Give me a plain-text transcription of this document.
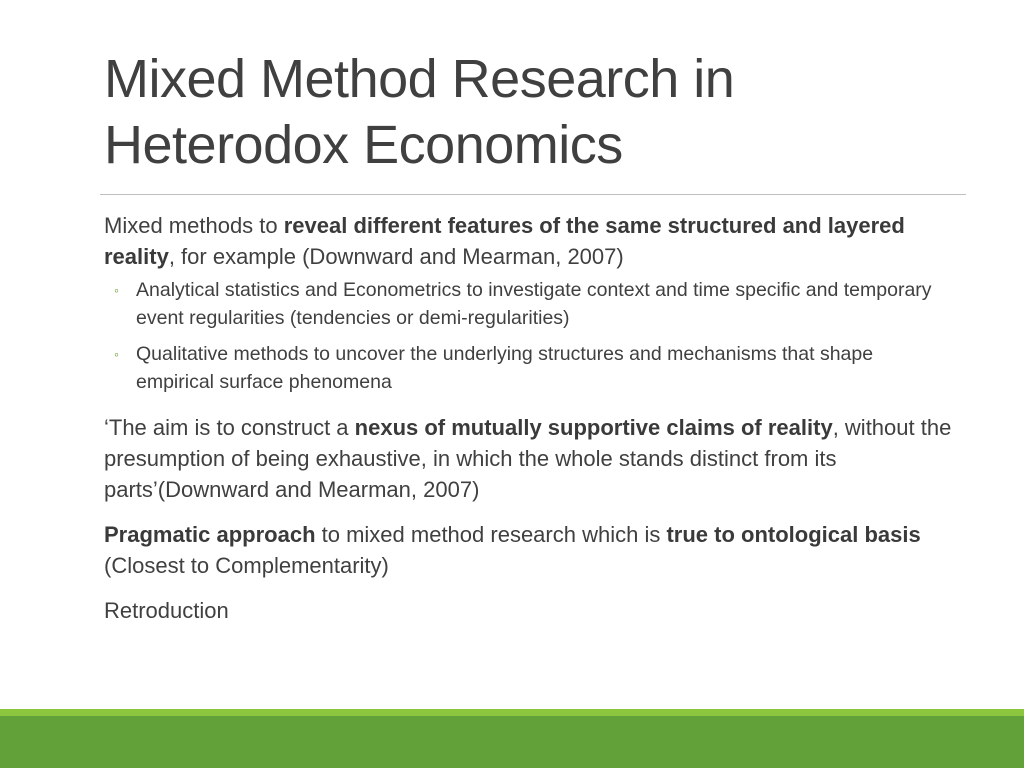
Mixed Method Research in
Heterodox Economics

Mixed methods to reveal different features of the same structured and layered reality, for example (Downward and Mearman, 2007)

◦ Analytical statistics and Econometrics to investigate context and time specific and temporary event regularities (tendencies or demi-regularities)
◦ Qualitative methods to uncover the underlying structures and mechanisms that shape empirical surface phenomena

‘The aim is to construct a nexus of mutually supportive claims of reality, without the presumption of being exhaustive, in which the whole stands distinct from its parts’(Downward and Mearman, 2007)

Pragmatic approach to mixed method research which is true to ontological basis (Closest to Complementarity)

Retroduction
